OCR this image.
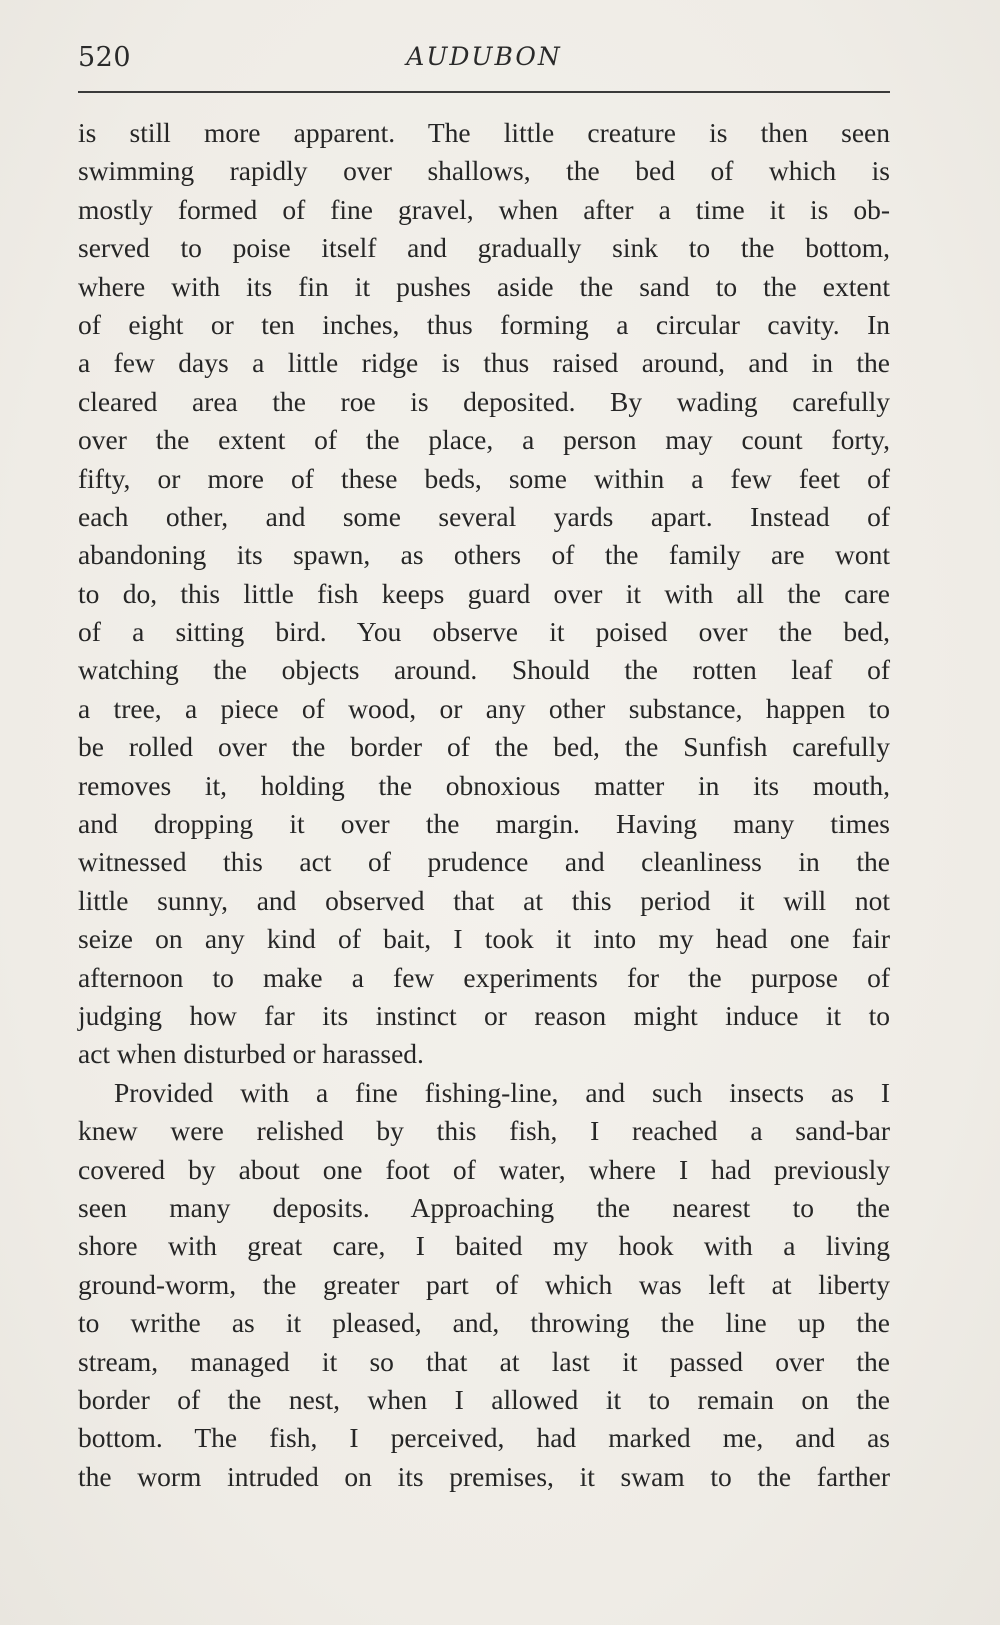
520	AUDUBON
is still more apparent. The little creature is then seen
swimming rapidly over shallows, the bed of which is
mostly formed of fine gravel, when after a time it is ob-
served to poise itself and gradually sink to the bottom,
where with its fin it pushes aside the sand to the extent
of eight or ten inches, thus forming a circular cavity. In
a few days a little ridge is thus raised around, and in the
cleared area the roe is deposited. By wading carefully
over the extent of the place, a person may count forty,
fifty, or more of these beds, some within a few feet of
each other, and some several yards apart. Instead of
abandoning its spawn, as others of the family are wont
to do, this little fish keeps guard over it with all the care
of a sitting bird. You observe it poised over the bed,
watching the objects around. Should the rotten leaf of
a tree, a piece of wood, or any other substance, happen to
be rolled over the border of the bed, the Sunfish carefully
removes it, holding the obnoxious matter in its mouth,
and dropping it over the margin. Having many times
witnessed this act of prudence and cleanliness in the
little sunny, and observed that at this period it will not
seize on any kind of bait, I took it into my head one fair
afternoon to make a few experiments for the purpose of
judging how far its instinct or reason might induce it to
act when disturbed or harassed.
Provided with a fine fishing-line, and such insects as I
knew were relished by this fish, I reached a sand-bar
covered by about one foot of water, where I had previously
seen many deposits. Approaching the nearest to the
shore with great care, I baited my hook with a living
ground-worm, the greater part of which was left at liberty
to writhe as it pleased, and, throwing the line up the
stream, managed it so that at last it passed over the
border of the nest, when I allowed it to remain on the
bottom. The fish, I perceived, had marked me, and as
the worm intruded on its premises, it swam to the farther
